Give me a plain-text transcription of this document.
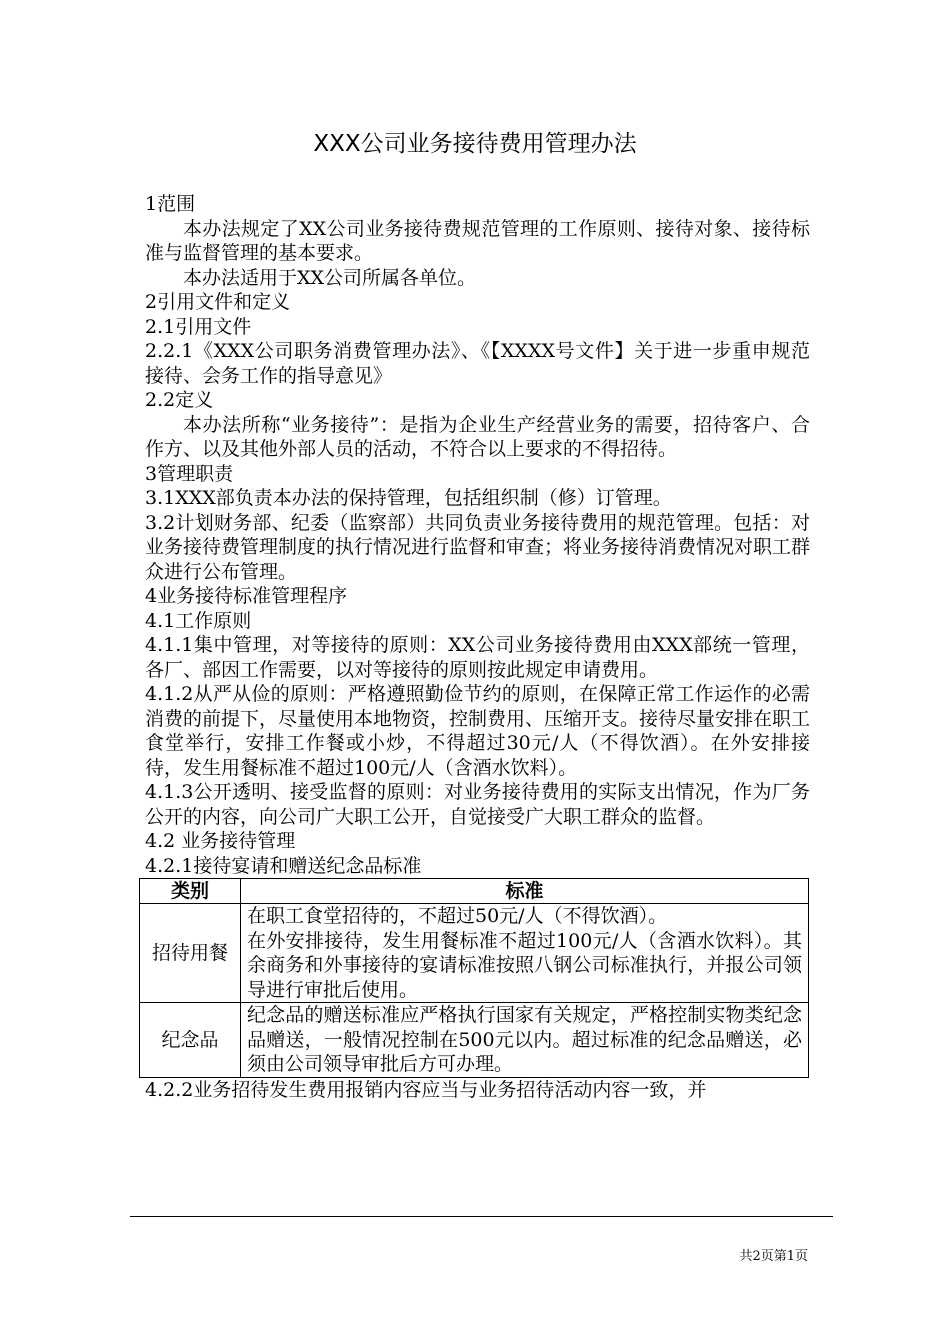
XXX公司业务接待费用管理办法

1范围

本办法规定了XX公司业务接待费规范管理的工作原则、接待对象、接待标准与监督管理的基本要求。

本办法适用于XX公司所属各单位。

2引用文件和定义

2.1引用文件

2.2.1《XXX公司职务消费管理办法》、《【XXXX号文件】关于进一步重申规范接待、会务工作的指导意见》

2.2定义

本办法所称“业务接待”：是指为企业生产经营业务的需要，招待客户、合作方、以及其他外部人员的活动，不符合以上要求的不得招待。

3管理职责

3.1XXX部负责本办法的保持管理，包括组织制（修）订管理。

3.2计划财务部、纪委（监察部）共同负责业务接待费用的规范管理。包括：对业务接待费管理制度的执行情况进行监督和审查；将业务接待消费情况对职工群众进行公布管理。

4业务接待标准管理程序

4.1工作原则

4.1.1集中管理，对等接待的原则：XX公司业务接待费用由XXX部统一管理，各厂、部因工作需要，以对等接待的原则按此规定申请费用。

4.1.2从严从俭的原则：严格遵照勤俭节约的原则，在保障正常工作运作的必需消费的前提下，尽量使用本地物资，控制费用、压缩开支。接待尽量安排在职工食堂举行，安排工作餐或小炒，不得超过30元/人（不得饮酒）。在外安排接待，发生用餐标准不超过100元/人（含酒水饮料）。

4.1.3公开透明、接受监督的原则：对业务接待费用的实际支出情况，作为厂务公开的内容，向公司广大职工公开，自觉接受广大职工群众的监督。

4.2 业务接待管理

4.2.1接待宴请和赠送纪念品标准

类别	标准
招待用餐	在职工食堂招待的，不超过50元/人（不得饮酒）。
在外安排接待，发生用餐标准不超过100元/人（含酒水饮料）。其余商务和外事接待的宴请标准按照八钢公司标准执行，并报公司领导进行审批后使用。

纪念品	纪念品的赠送标准应严格执行国家有关规定，严格控制实物类纪念品赠送，一般情况控制在500元以内。超过标准的纪念品赠送，必须由公司领导审批后方可办理。

4.2.2业务招待发生费用报销内容应当与业务招待活动内容一致，并

共2页第1页
